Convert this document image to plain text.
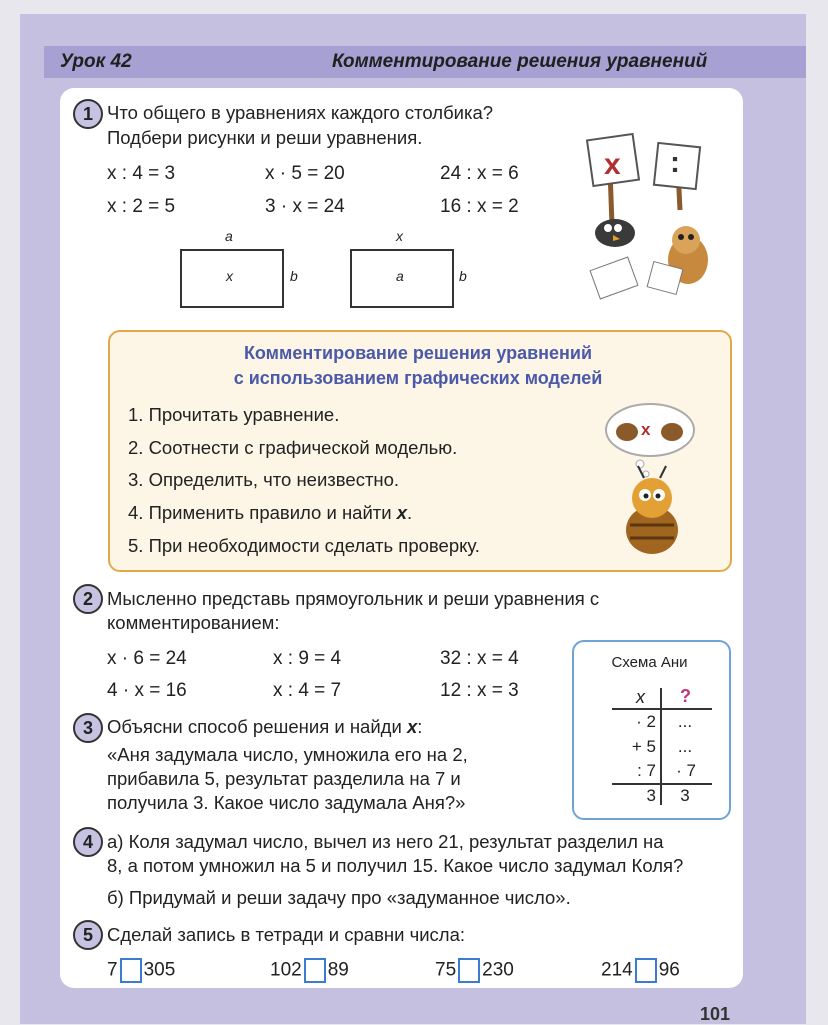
Урок 42	Комментирование решения уравнений
1 Что общего в уравнениях каждого столбика?
Подбери рисунки и реши уравнения.
x : 4 = 3	x · 5 = 20	24 : x = 6
x : 2 = 5	3 · x = 24	16 : x = 2
a
x	b
x
a	b
x :
Комментирование решения уравнений
с использованием графических моделей
1. Прочитать уравнение.
2. Соотнести с графической моделью.
3. Определить, что неизвестно.
4. Применить правило и найти x.
5. При необходимости сделать проверку.
x
2 Мысленно представь прямоугольник и реши уравнения с
комментированием:
x · 6 = 24	x : 9 = 4	32 : x = 4
4 · x = 16	x : 4 = 7	12 : x = 3
Схема Ани
x ?
· 2	...
+ 5	...
: 7	· 7
3	3
3 Объясни способ решения и найди x:
«Аня задумала число, умножила его на 2,
прибавила 5, результат разделила на 7 и
получила 3. Какое число задумала Аня?»
4 а) Коля задумал число, вычел из него 21, результат разделил на
8, а потом умножил на 5 и получил 15. Какое число задумал Коля?
б) Придумай и реши задачу про «задуманное число».
5 Сделай запись в тетради и сравни числа:
7 305	102 89	75 230	214 96
101
